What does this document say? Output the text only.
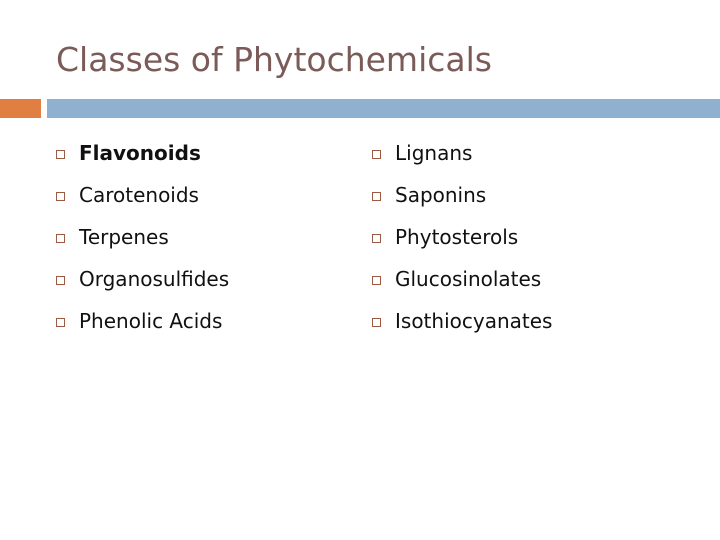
Classes of Phytochemicals
Flavonoids
Carotenoids
Terpenes
Organosulfides
Phenolic Acids
Lignans
Saponins
Phytosterols
Glucosinolates
Isothiocyanates
